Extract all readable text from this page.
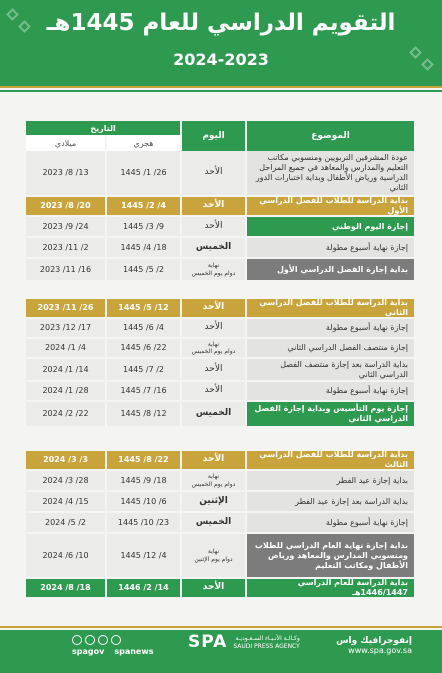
التقويم الدراسي للعام 1445هـ
2024-2023
الموضوع
اليوم
التاريخ
هجري
ميلادي
عودة المشرفين التربويين ومنسوبي مكاتب التعليم والمدارس والمعاهد في جميع المراحل الدراسية ورياض الأطفال وبداية اختبارات الدور الثاني
الأحد
1445 /1 /26
2023 /8 /13
بداية الدراسة للطلاب للفصل الدراسي الأول
الأحد
1445 /2 /4
2023 /8 /20
إجازة اليوم الوطني
الأحد
1445 /3 /9
2023 /9 /24
إجازة نهاية أسبوع مطولة
الخميس
1445 /4 /18
2023 /11 /2
بداية إجازة الفصل الدراسي الأول
نهاية
دوام يوم الخميس
1445 /5 /2
2023 /11 /16
بداية الدراسة للطلاب للفصل الدراسي الثاني
الأحد
1445 /5 /12
2023 /11 /26
إجازة نهاية أسبوع مطولة
الأحد
1445 /6 /4
2023 /12 /17
إجازة منتصف الفصل الدراسي الثاني
نهاية
دوام يوم الخميس
1445 /6 /22
2024 /1 /4
بداية الدراسة بعد إجازة منتصف الفصل الدراسي الثاني
الأحد
1445 /7 /2
2024 /1 /14
إجازة نهاية أسبوع مطولة
الأحد
1445 /7 /16
2024 /1 /28
إجازة يوم التأسيس وبداية إجازة الفصل الدراسي الثاني
الخميس
1445 /8 /12
2024 /2 /22
بداية الدراسة للطلاب للفصل الدراسي الثالث
الأحد
1445 /8 /22
2024 /3 /3
بداية إجازة عيد الفطر
نهاية
دوام يوم الخميس
1445 /9 /18
2024 /3 /28
بداية الدراسة بعد إجازة عيد الفطر
الإثنين
1445 /10 /6
2024 /4 /15
إجازة نهاية أسبوع مطولة
الخميس
1445 /10 /23
2024 /5 /2
بداية إجازة نهاية العام الدراسي للطلاب ومنسوبي المدارس والمعاهد ورياض الأطفال ومكاتب التعليم
نهاية
دوام يوم الإثنين
1445 /12 /4
2024 /6 /10
بداية الدراسة للعام الدراسي 1446/1447هـ
الأحد
1446 /2 /14
2024 /8 /18
spagov spanews SPA	وكـالـة الأنـبـاء السـعـوديـة
SAUDI PRESS AGENCY	إنفوجرافيك واس
www.spa.gov.sa
